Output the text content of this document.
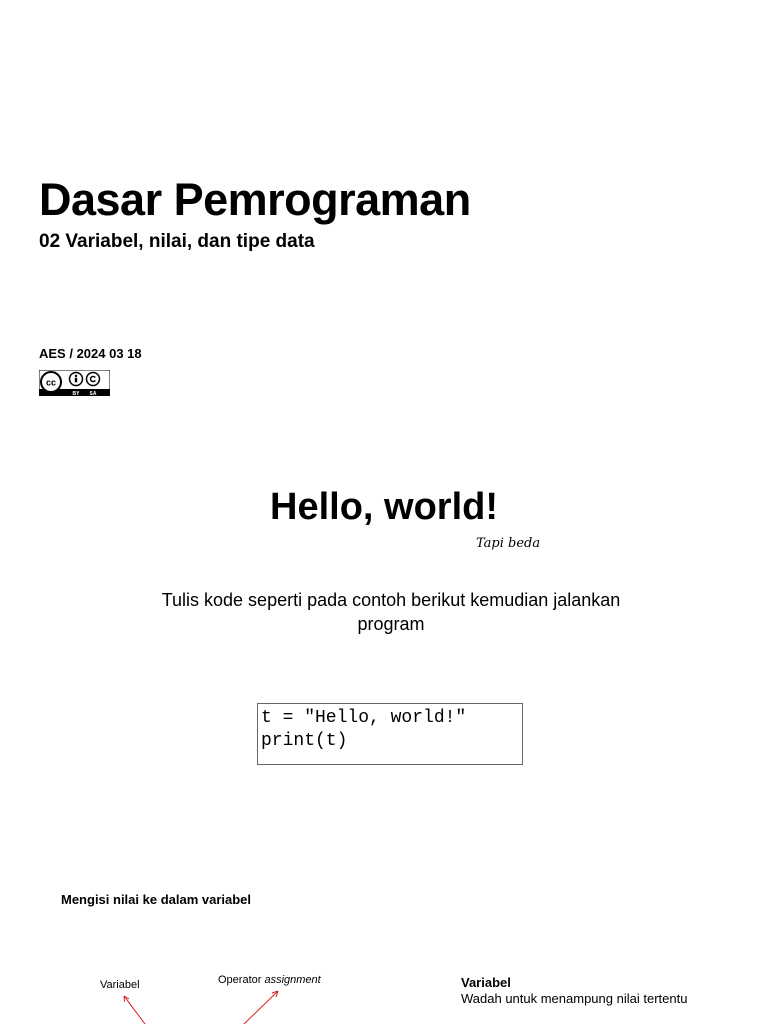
Dasar Pemrograman
02 Variabel, nilai, dan tipe data
AES / 2024 03 18
cc
BY SA
Hello, world!
Tapi beda
Tulis kode seperti pada contoh berikut kemudian jalankan program
t = "Hello, world!"
print(t)
Mengisi nilai ke dalam variabel
Variabel	Operator assignment	Variabel
Wadah untuk menampung nilai tertentu
